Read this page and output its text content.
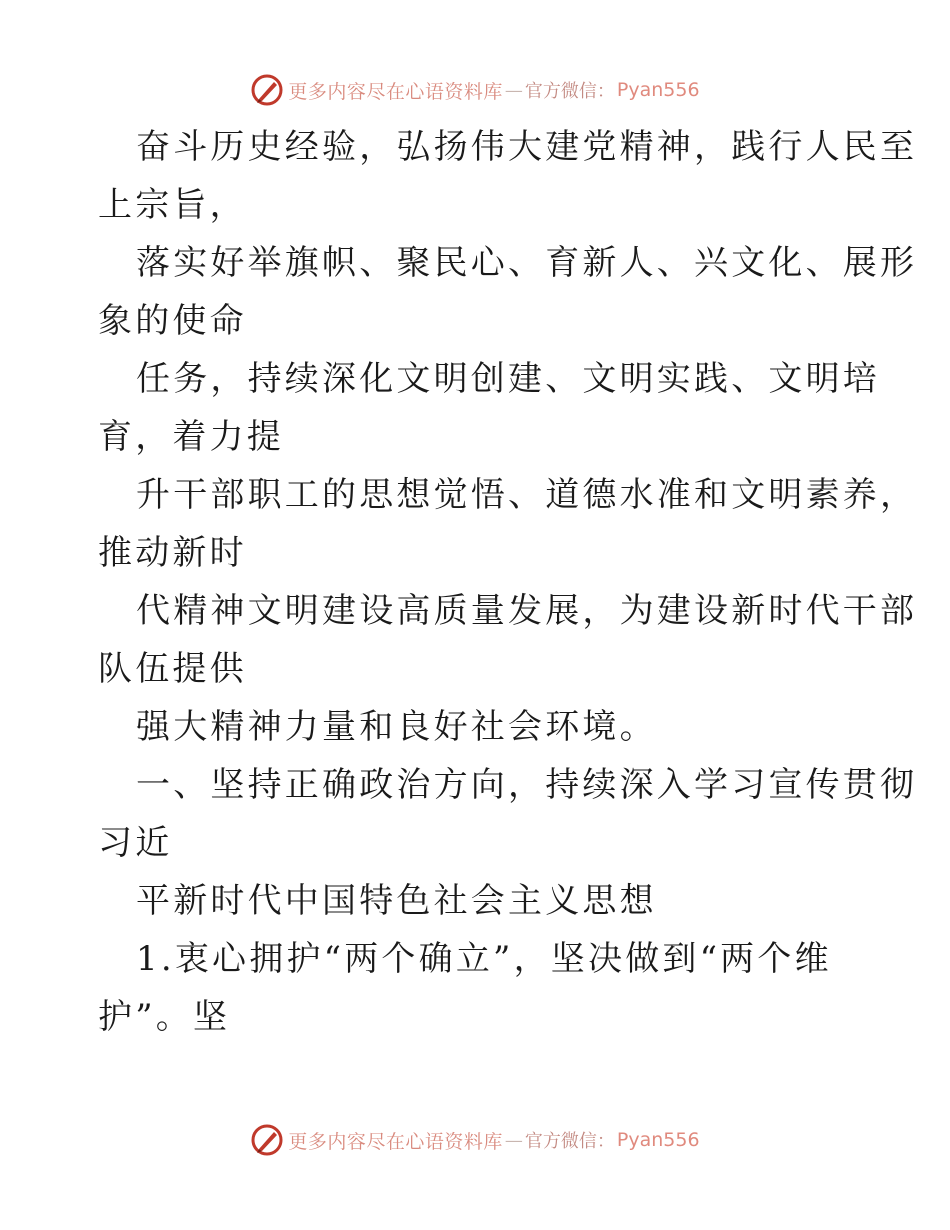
更多内容尽在心语资料库 — 官方微信： Pyan556
奋斗历史经验，弘扬伟大建党精神，践行人民至
上宗旨，
落实好举旗帜、聚民心、育新人、兴文化、展形
象的使命
任务，持续深化文明创建、文明实践、文明培
育，着力提
升干部职工的思想觉悟、道德水准和文明素养，
推动新时
代精神文明建设高质量发展，为建设新时代干部
队伍提供
强大精神力量和良好社会环境。
一、坚持正确政治方向，持续深入学习宣传贯彻
习近
平新时代中国特色社会主义思想
1.衷心拥护“两个确立”，坚决做到“两个维
护”。坚
更多内容尽在心语资料库 — 官方微信： Pyan556
